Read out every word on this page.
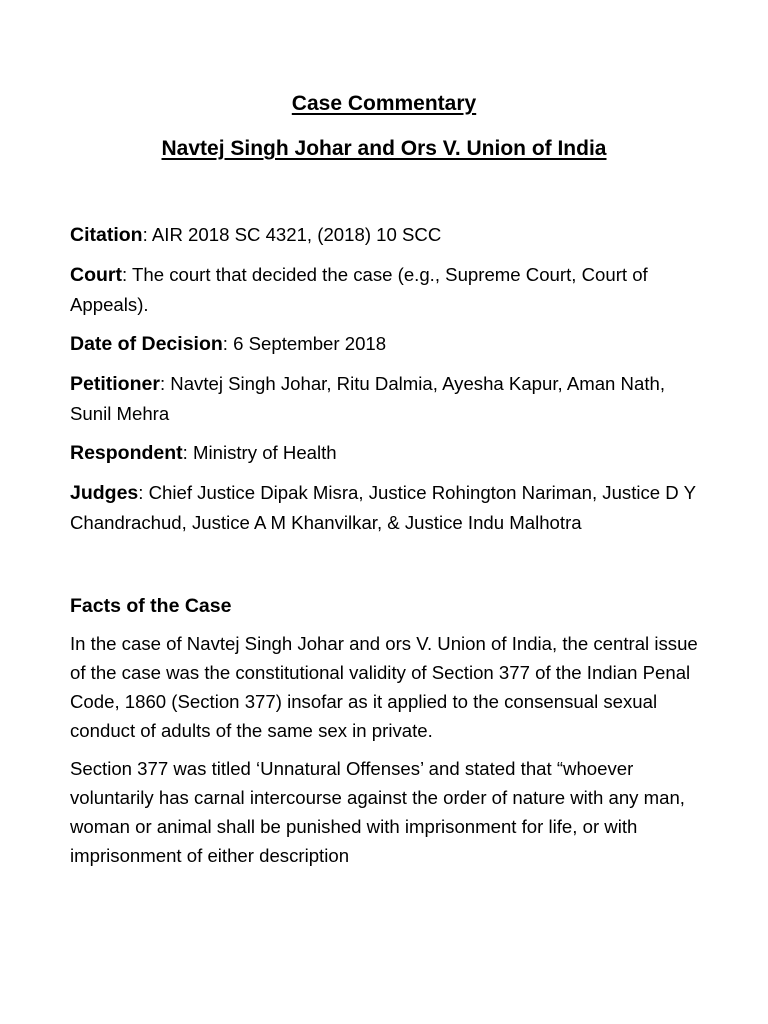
Case Commentary
Navtej Singh Johar and Ors V. Union of India

Citation: AIR 2018 SC 4321, (2018) 10 SCC

Court: The court that decided the case (e.g., Supreme Court, Court of Appeals).

Date of Decision: 6 September 2018

Petitioner: Navtej Singh Johar, Ritu Dalmia, Ayesha Kapur, Aman Nath, Sunil Mehra

Respondent: Ministry of Health

Judges: Chief Justice Dipak Misra, Justice Rohington Nariman, Justice D Y Chandrachud, Justice A M Khanvilkar, & Justice Indu Malhotra

Facts of the Case

In the case of Navtej Singh Johar and ors V. Union of India, the central issue of the case was the constitutional validity of Section 377 of the Indian Penal Code, 1860 (Section 377) insofar as it applied to the consensual sexual conduct of adults of the same sex in private.

Section 377 was titled ‘Unnatural Offenses’ and stated that “whoever voluntarily has carnal intercourse against the order of nature with any man, woman or animal shall be punished with imprisonment for life, or with imprisonment of either description
